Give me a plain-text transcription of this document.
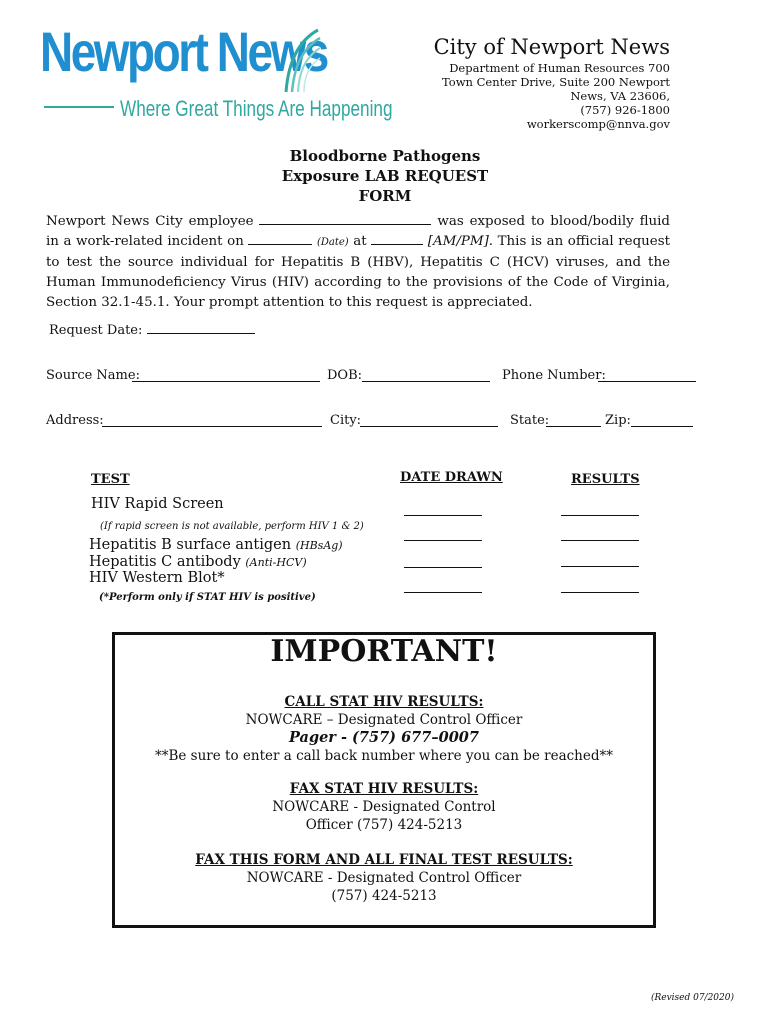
Newport News
Where Great Things Are Happening
City of Newport News
Department of Human Resources 700
Town Center Drive, Suite 200 Newport
News, VA 23606,
(757) 926-1800
workerscomp@nnva.gov
Bloodborne Pathogens
Exposure LAB REQUEST
FORM
Newport News City employee	was exposed to blood/bodily fluid in a work-related incident on	(Date) at	[AM/PM]. This is an official request to test the source individual for Hepatitis B (HBV), Hepatitis C (HCV) viruses, and the Human Immunodeficiency Virus (HIV) according to the provisions of the Code of Virginia, Section 32.1-45.1. Your prompt attention to this request is appreciated.
Request Date:
Source Name:	DOB:	Phone Number:
Address:	City:	State:	Zip:
TEST	DATE DRAWN	RESULTS
HIV Rapid Screen
(If rapid screen is not available, perform HIV 1 & 2)
Hepatitis B surface antigen (HBsAg)
Hepatitis C antibody (Anti-HCV)
HIV Western Blot*
(*Perform only if STAT HIV is positive)
IMPORTANT!
CALL STAT HIV RESULTS:
NOWCARE – Designated Control Officer
Pager - (757) 677–0007
**Be sure to enter a call back number where you can be reached**
FAX STAT HIV RESULTS:
NOWCARE - Designated Control
Officer (757) 424-5213
FAX THIS FORM AND ALL FINAL TEST RESULTS:
NOWCARE - Designated Control Officer
(757) 424-5213
(Revised 07/2020)
